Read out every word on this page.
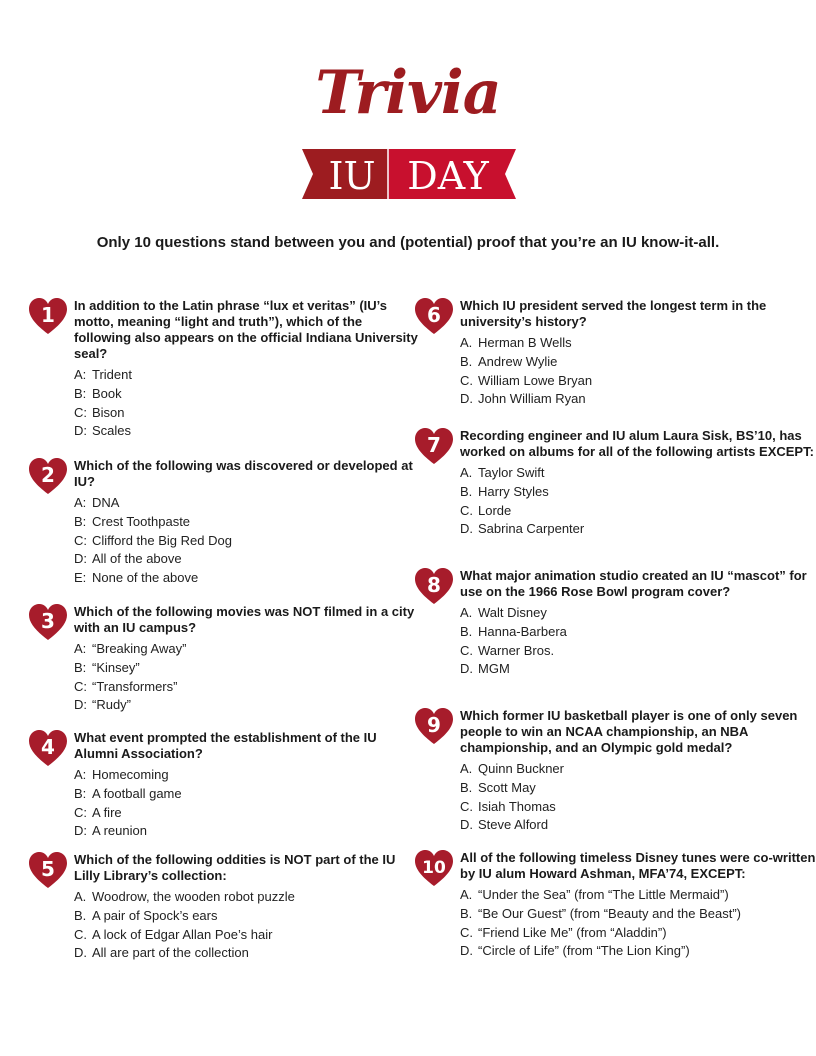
Trivia
IU DAY

Only 10 questions stand between you and (potential) proof that you’re an IU know-it-all.

1 In addition to the Latin phrase “lux et veritas” (IU’s motto, meaning “light and truth”), which of the following also appears on the official Indiana University seal?

A: Trident
B: Book
C: Bison
D: Scales
2 Which of the following was discovered or developed at IU?

A: DNA
B: Crest Toothpaste
C: Clifford the Big Red Dog
D: All of the above
E: None of the above
3 Which of the following movies was NOT filmed in a city with an IU campus?

A: “Breaking Away”
B: “Kinsey”
C: “Transformers”
D: “Rudy”
4 What event prompted the establishment of the IU Alumni Association?

A: Homecoming
B: A football game
C: A fire
D: A reunion
5 Which of the following oddities is NOT part of the IU Lilly Library’s collection:

A. Woodrow, the wooden robot puzzle
B. A pair of Spock’s ears
C. A lock of Edgar Allan Poe’s hair
D. All are part of the collection
6 Which IU president served the longest term in the university’s history?

A. Herman B Wells
B. Andrew Wylie
C. William Lowe Bryan
D. John William Ryan
7 Recording engineer and IU alum Laura Sisk, BS’10, has worked on albums for all of the following artists EXCEPT:

A. Taylor Swift
B. Harry Styles
C. Lorde
D. Sabrina Carpenter
8 What major animation studio created an IU “mascot” for use on the 1966 Rose Bowl program cover?

A. Walt Disney
B. Hanna-Barbera
C. Warner Bros.
D. MGM
9 Which former IU basketball player is one of only seven people to win an NCAA championship, an NBA championship, and an Olympic gold medal?

A. Quinn Buckner
B. Scott May
C. Isiah Thomas
D. Steve Alford
10

All of the following timeless Disney tunes were co-written by IU alum Howard Ashman, MFA’74, EXCEPT:

A. “Under the Sea” (from “The Little Mermaid”)
B. “Be Our Guest” (from “Beauty and the Beast”)
C. “Friend Like Me” (from “Aladdin”)
D. “Circle of Life” (from “The Lion King”)
